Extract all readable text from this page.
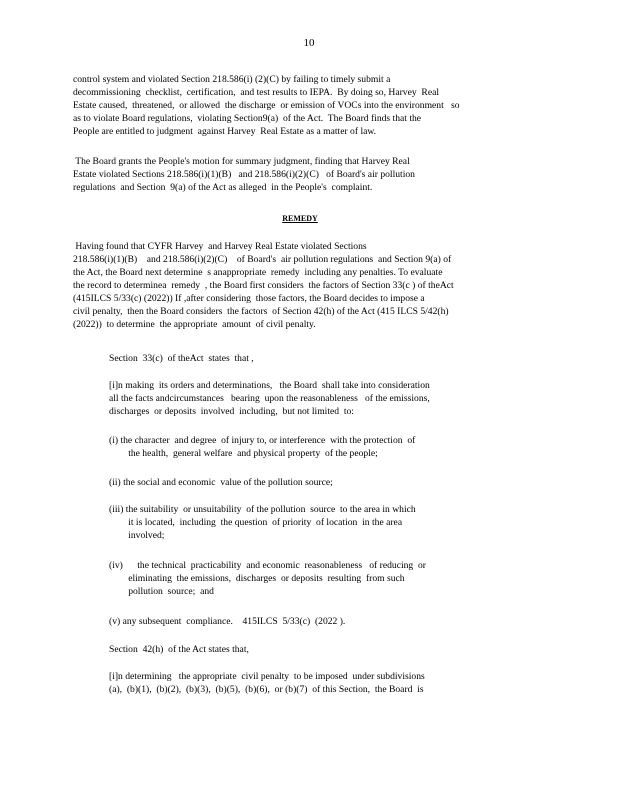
10
control system and violated Section 218.586(i) (2)(C) by failing to timely submit a
decommissioning  checklist,  certification,  and test results to IEPA.  By doing so, Harvey  Real
Estate caused,  threatened,  or allowed  the discharge  or emission of VOCs into the environment   so
as to violate Board regulations,  violating Section9(a)  of the Act.  The Board finds that the
People are entitled to judgment  against Harvey  Real Estate as a matter of law.
The Board grants the People's motion for summary judgment, finding that Harvey Real
Estate violated Sections 218.586(i)(1)(B)   and 218.586(i)(2)(C)   of Board's air pollution
regulations  and Section  9(a) of the Act as alleged  in the People's  complaint.
REMEDY
Having found that CYFR Harvey  and Harvey Real Estate violated Sections
218.586(i)(1)(B)    and 218.586(i)(2)(C)    of Board's  air pollution regulations  and Section 9(a) of
the Act, the Board next determine  s anappropriate  remedy  including any penalties. To evaluate
the record to determinea  remedy  , the Board first considers  the factors of Section 33(c ) of theAct
(415ILCS 5/33(c) (2022)) If ,after considering  those factors, the Board decides to impose a
civil penalty,  then the Board considers  the factors  of Section 42(h) of the Act (415 ILCS 5/42(h)
(2022))  to determine  the appropriate  amount  of civil penalty.
Section  33(c)  of theAct  states  that ,
[i]n making  its orders and determinations,   the Board  shall take into consideration
all the facts andcircumstances   bearing  upon the reasonableness   of the emissions,
discharges  or deposits  involved  including,  but not limited  to:
(i) the character  and degree  of injury to, or interference  with the protection  of
the health,  general welfare  and physical property  of the people;
(ii) the social and economic  value of the pollution source;
(iii) the suitability  or unsuitability  of the pollution  source  to the area in which
it is located,  including  the question  of priority  of location  in the area
involved;
(iv)      the technical  practicability  and economic  reasonableness   of reducing  or
eliminating  the emissions,  discharges  or deposits  resulting  from such
pollution  source;  and
(v) any subsequent  compliance.    415ILCS  5/33(c)  (2022 ).
Section  42(h)  of the Act states that,
[i]n determining   the appropriate  civil penalty  to be imposed  under subdivisions
(a),  (b)(1),  (b)(2),  (b)(3),  (b)(5),  (b)(6),  or (b)(7)  of this Section,  the Board  is
